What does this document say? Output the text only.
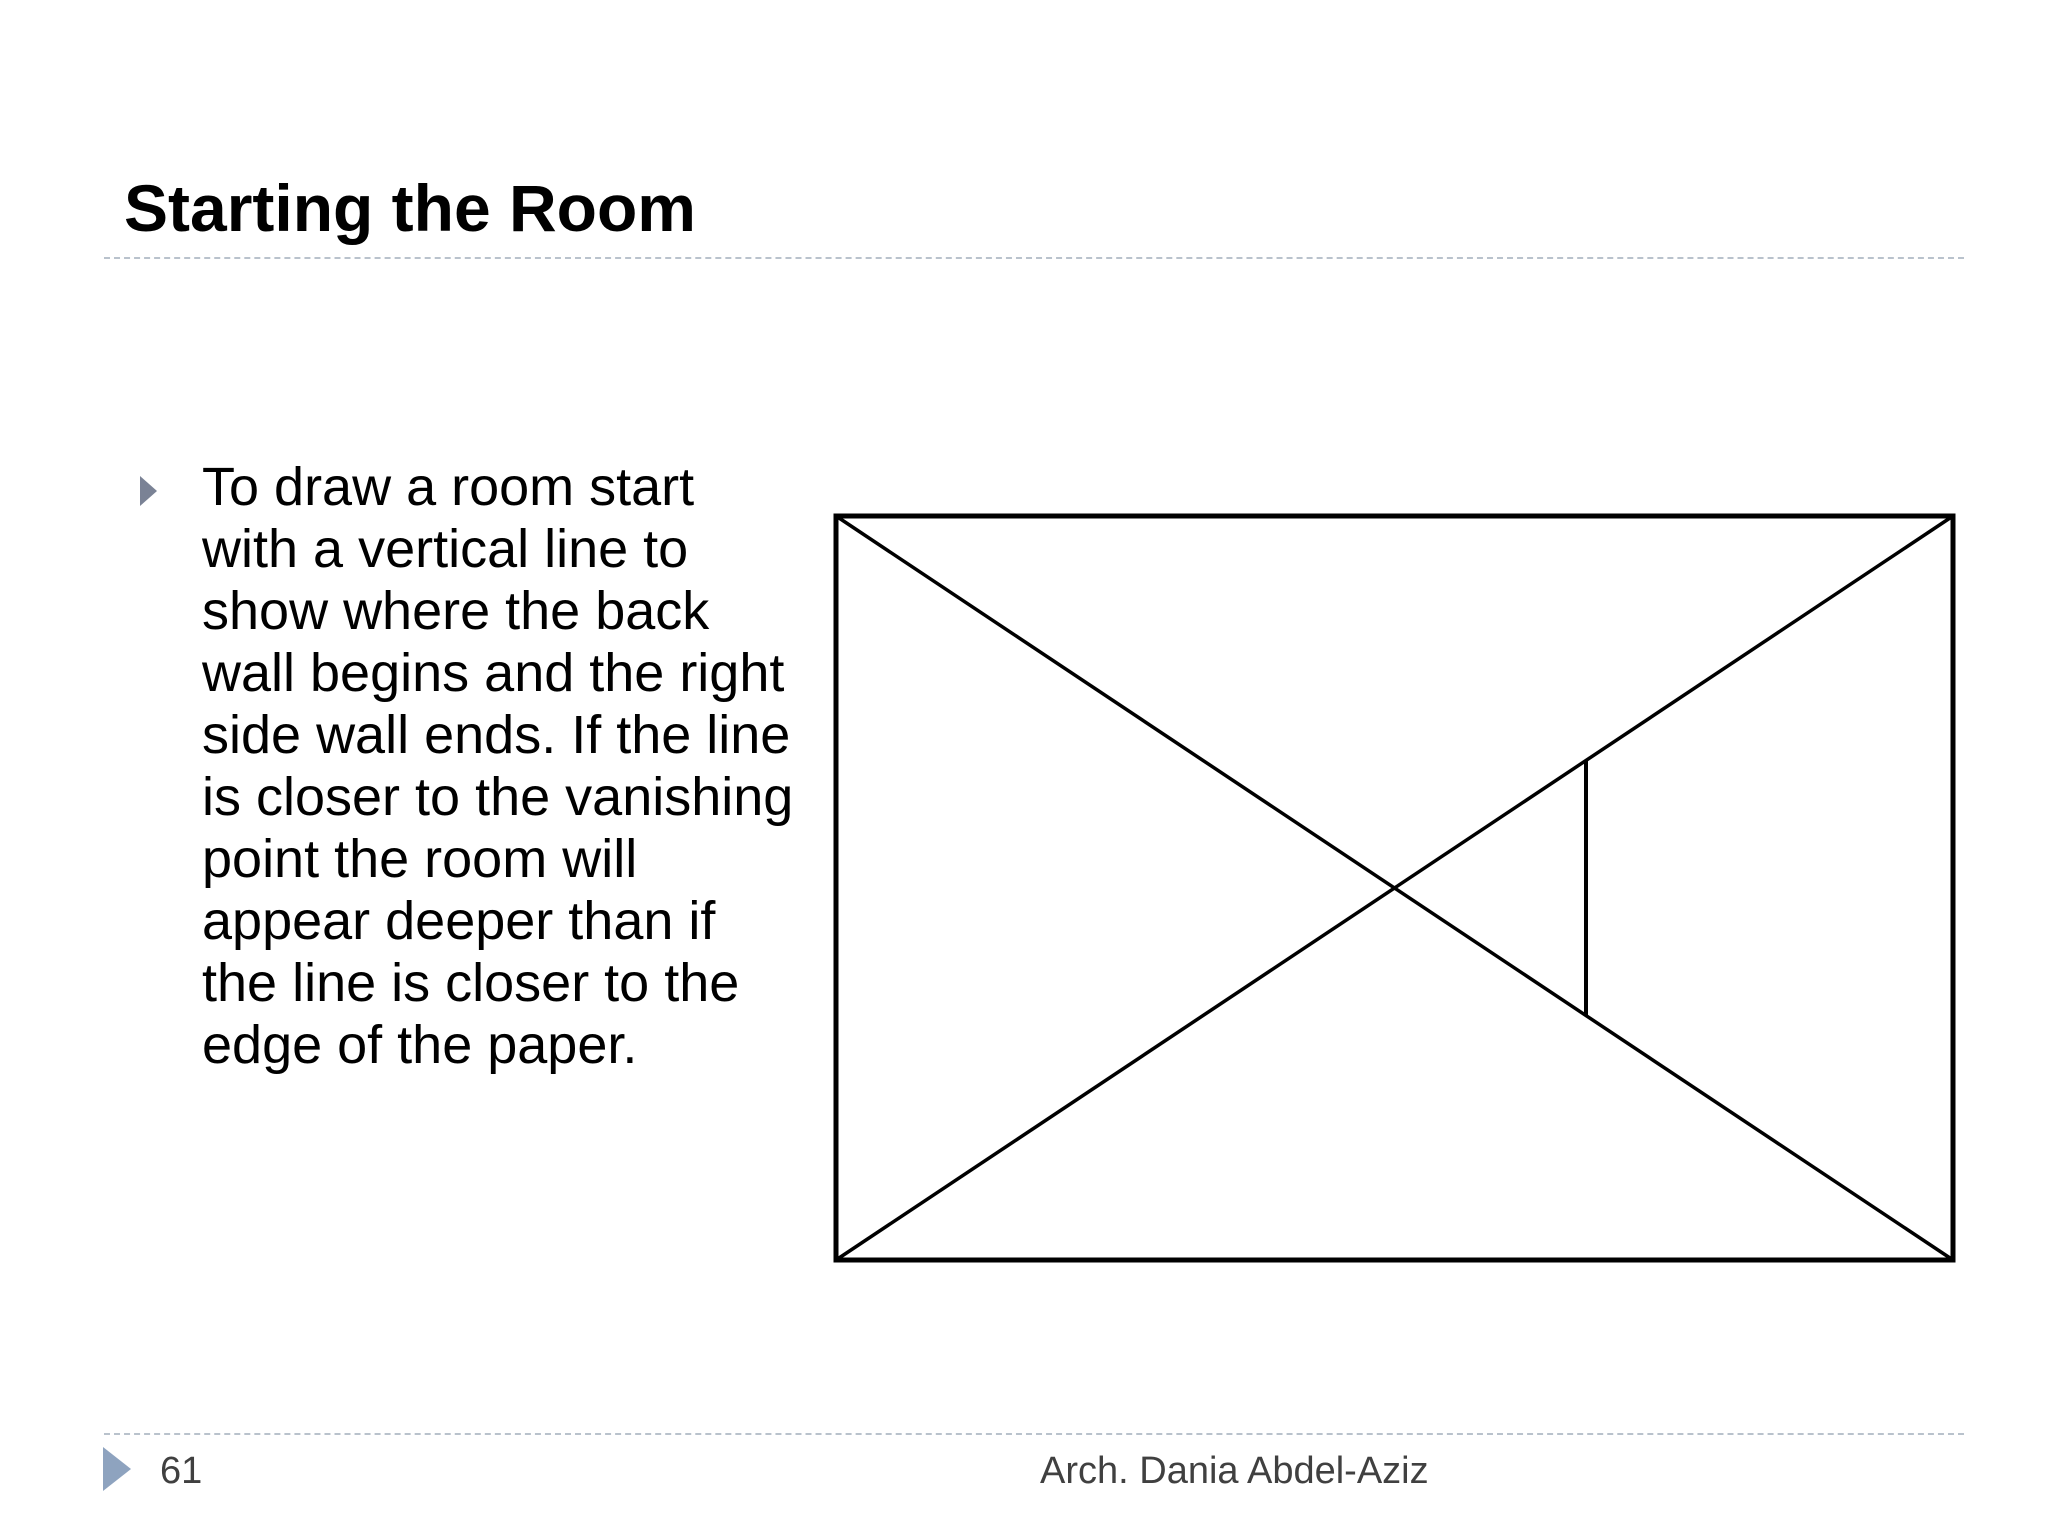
Starting the Room

To draw a room start with a vertical line to show where the back wall begins and the right side wall ends. If the line is closer to the vanishing point the room will appear deeper than if the line is closer to the edge of the paper.

61	Arch. Dania Abdel-Aziz
